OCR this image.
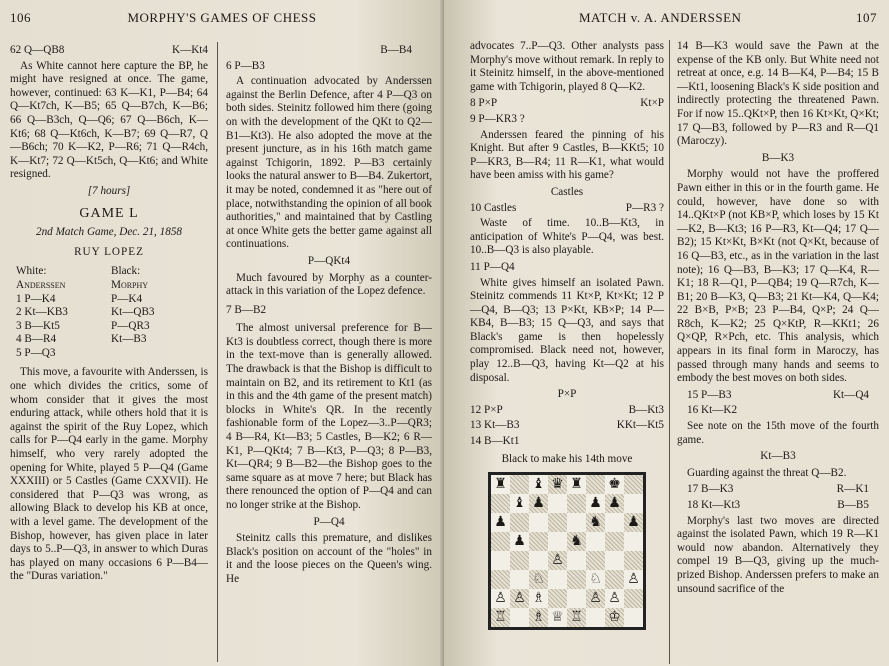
106	MORPHY'S GAMES OF CHESS
62 Q—QB8	K—Kt4

As White cannot here capture the BP, he might have resigned at once. The game, however, continued: 63 K—K1, P—B4; 64 Q—Kt7ch, K—B5; 65 Q—B7ch, K—B6; 66 Q—B3ch, Q—Q6; 67 Q—B6ch, K—Kt6; 68 Q—Kt6ch, K—B7; 69 Q—R7, Q—B6ch; 70 K—K2, P—R6; 71 Q—R4ch, K—Kt7; 72 Q—Kt5ch, Q—Kt6; and White resigned.

[7 hours]
GAME L
2nd Match Game, Dec. 21, 1858
RUY LOPEZ
White:	Black:
Anderssen	Morphy
1 P—K4	P—K4
2 Kt—KB3	Kt—QB3
3 B—Kt5	P—QR3
4 B—R4	Kt—B3
5 P—Q3

This move, a favourite with Anderssen, is one which divides the critics, some of whom consider that it gives the most enduring attack, while others hold that it is against the spirit of the Ruy Lopez, which calls for P—Q4 early in the game. Morphy himself, who very rarely adopted the opening for White, played 5 P—Q4 (Game XXXIII) or 5 Castles (Game CXXVII). He considered that P—Q3 was wrong, as allowing Black to develop his KB at once, with a level game. The development of the Bishop, however, has given place in later days to 5..P—Q3, in answer to which Duras has played on many occasions 6 P—B4—the "Duras variation."

B—B4
6 P—B3

A continuation advocated by Anderssen against the Berlin Defence, after 4 P—Q3 on both sides. Steinitz followed him there (going on with the development of the QKt to Q2—B1—Kt3). He also adopted the move at the present juncture, as in his 16th match game against Tchigorin, 1892. P—B3 certainly looks the natural answer to B—B4. Zukertort, it may be noted, condemned it as "here out of place, notwithstanding the opinion of all book authorities," and maintained that by Castling at once White gets the better game against all continuations.

P—QKt4

Much favoured by Morphy as a counter-attack in this variation of the Lopez defence.

7 B—B2

The almost universal preference for B—Kt3 is doubtless correct, though there is more in the text-move than is generally allowed. The drawback is that the Bishop is difficult to maintain on B2, and its retirement to Kt1 (as in this and the 4th game of the present match) blocks in White's QR. In the recently fashionable form of the Lopez—3..P—QR3; 4 B—R4, Kt—B3; 5 Castles, B—K2; 6 R—K1, P—QKt4; 7 B—Kt3, P—Q3; 8 P—B3, Kt—QR4; 9 B—B2—the Bishop goes to the same square as at move 7 here; but Black has there renounced the option of P—Q4 and can no longer strike at the Bishop.

P—Q4

Steinitz calls this premature, and dislikes Black's position on account of the "holes" in it and the loose pieces on the Queen's wing. He

MATCH v. A. ANDERSSEN	107

advocates 7..P—Q3. Other analysts pass Morphy's move without remark. In reply to it Steinitz himself, in the above-mentioned game with Tchigorin, played 8 Q—K2.

8 P×P	Kt×P
9 P—KR3 ?

Anderssen feared the pinning of his Knight. But after 9 Castles, B—KKt5; 10 P—KR3, B—R4; 11 R—K1, what would have been amiss with his game?

Castles
10 Castles	P—R3 ?

Waste of time. 10..B—Kt3, in anticipation of White's P—Q4, was best. 10..B—Q3 is also playable.

11 P—Q4

White gives himself an isolated Pawn. Steinitz commends 11 Kt×P, Kt×Kt; 12 P—Q4, B—Q3; 13 P×Kt, KB×P; 14 P—KB4, B—B3; 15 Q—Q3, and says that Black's game is then hopelessly compromised. Black need not, however, play 12..B—Q3, having Kt—Q2 at his disposal.

P×P
12 P×P	B—Kt3
13 Kt—B3	KKt—Kt5
14 B—Kt1
Black to make his 14th move
♜ ♝ ♛ ♜ ♚
♝ ♟	♟ ♟
♟	♞ ♟
♟	♞
♙
♘	♘ ♙
♙ ♙ ♗	♙ ♙
♖ ♗ ♕ ♖ ♔

14 B—K3 would save the Pawn at the expense of the KB only. But White need not retreat at once, e.g. 14 B—K4, P—B4; 15 B—Kt1, loosening Black's K side position and indirectly protecting the threatened Pawn. For if now 15..QKt×P, then 16 Kt×Kt, Q×Kt; 17 Q—B3, followed by P—R3 and R—Q1 (Maroczy).

B—K3

Morphy would not have the proffered Pawn either in this or in the fourth game. He could, however, have done so with 14..QKt×P (not KB×P, which loses by 15 Kt—K2, B—Kt3; 16 P—R3, Kt—Q4; 17 Q—B2); 15 Kt×Kt, B×Kt (not Q×Kt, because of 16 Q—B3, etc., as in the variation in the last note); 16 Q—B3, B—K3; 17 Q—K4, R—K1; 18 R—Q1, P—QB4; 19 Q—R7ch, K—B1; 20 B—K3, Q—B3; 21 Kt—K4, Q—K4; 22 B×B, P×B; 23 P—B4, Q×P; 24 Q—R8ch, K—K2; 25 Q×KtP, R—KKt1; 26 Q×QP, R×Pch, etc. This analysis, which appears in its final form in Maroczy, has passed through many hands and seems to embody the best moves on both sides.

15 P—B3	Kt—Q4
16 Kt—K2

See note on the 15th move of the fourth game.

Kt—B3

Guarding against the threat Q—B2.

17 B—K3	R—K1
18 Kt—Kt3	B—B5

Morphy's last two moves are directed against the isolated Pawn, which 19 R—K1 would now abandon. Alternatively they compel 19 B—Q3, giving up the much-prized Bishop. Anderssen prefers to make an unsound sacrifice of the
